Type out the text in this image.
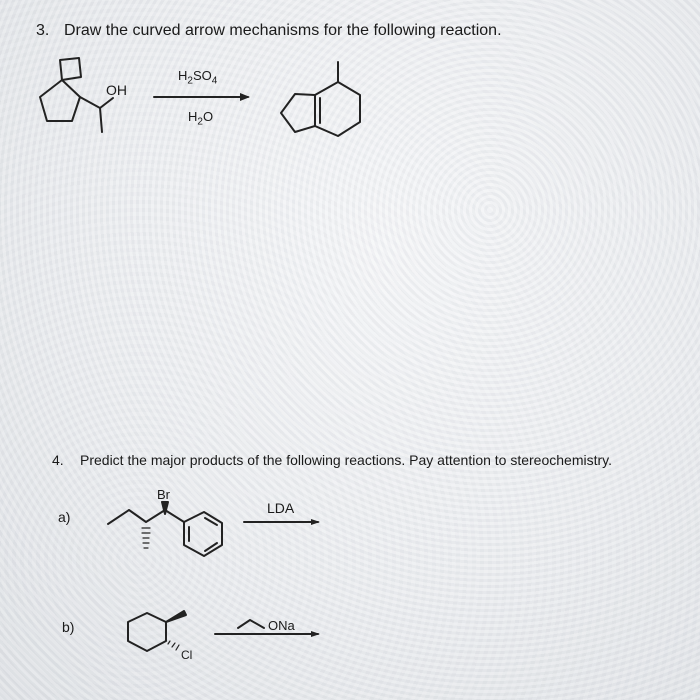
3. Draw the curved arrow mechanisms for the following reaction.
OH
$H_2SO_4$
$H_2O$
4. Predict the major products of the following reactions. Pay attention to stereochemistry.
a)
Br
LDA
b)
Cl
ONa
